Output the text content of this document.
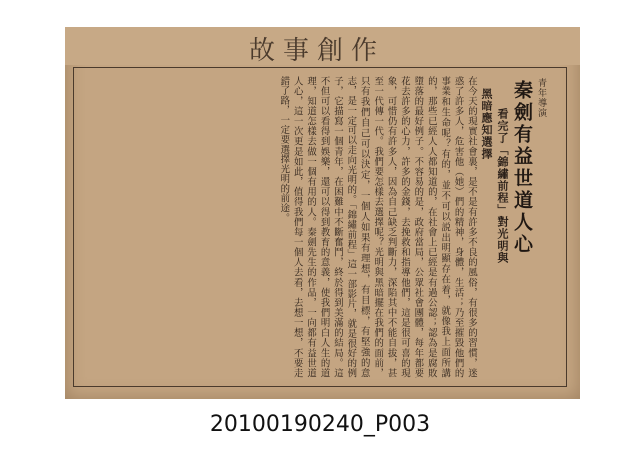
故事創作
青年導演
秦劍有益世道人心
看完了「錦繡前程」對光明與
黑暗應知選擇

在今天的現實社會裏，是不是有許多不良的風俗，有很多的習慣，迷惑了許多人，危害他（她）們的精神，身體，生活；乃至摧毀他們的事業和生命呢？有的，並不可以説出明顯存在着，就像我上面所講的，那些已經人人都知道的，在社會上已經是有過公認；認為是腐敗墮落的最好例子。不容易的是，政府當局，公眾社會團體，每年都要花去許多的心力，許多的金錢，去挽救和指導他們，這是很可喜的現象，可惜仍有許多人，因為自己缺乏判斷力，深陷其中不能自拔，甚至一代傳一代。我們要怎樣去選擇呢？光明與黑暗擺在我們的面前，只有我們自己可以決定，一個人如果有理想，有目標，有堅強的意志，是一定可以走向光明的。「錦繡前程」這一部影片，就是很好的例子，它描寫一個青年，在困難中不斷奮鬥，終於得到美滿的結局。這不但可以看得到娛樂，還可以得到教育的意義，使我們明白人生的道理，知道怎樣去做一個有用的人。秦劍先生的作品，一向都有益世道人心，這一次更是如此，值得我們每一個人去看，去想一想，不要走錯了路，一定要選擇光明的前途。

20100190240_P003
